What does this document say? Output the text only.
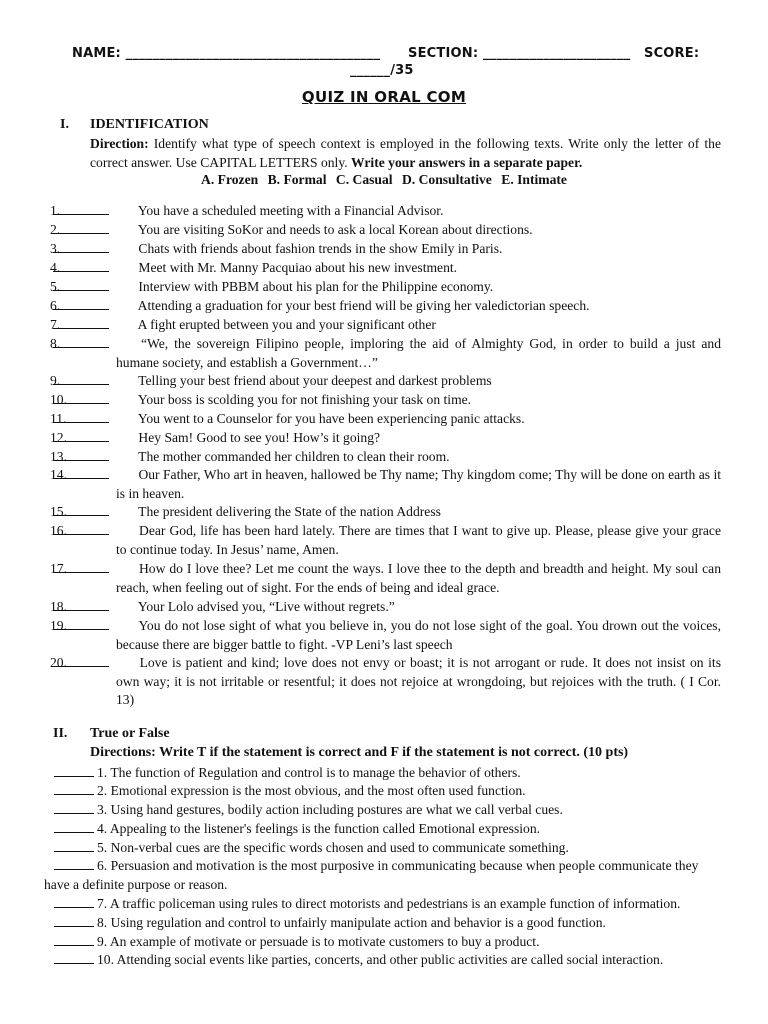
NAME: ______________________________________ SECTION: ______________________ SCORE:
______/35
QUIZ IN ORAL COM
I. IDENTIFICATION
Direction: Identify what type of speech context is employed in the following texts. Write only the letter of the correct answer. Use CAPITAL LETTERS only. Write your answers in a separate paper.
A. Frozen B. Formal C. Casual D. Consultative E. Intimate
1.	You have a scheduled meeting with a Financial Advisor.
2.	You are visiting SoKor and needs to ask a local Korean about directions.
3.	Chats with friends about fashion trends in the show Emily in Paris.
4.	Meet with Mr. Manny Pacquiao about his new investment.
5.	Interview with PBBM about his plan for the Philippine economy.
6.	Attending a graduation for your best friend will be giving her valedictorian speech.
7.	A fight erupted between you and your significant other
8.	“We, the sovereign Filipino people, imploring the aid of Almighty God, in order to build a just and humane society, and establish a Government…”
9.	Telling your best friend about your deepest and darkest problems
10.	Your boss is scolding you for not finishing your task on time.
11.	You went to a Counselor for you have been experiencing panic attacks.
12.	Hey Sam! Good to see you! How’s it going?
13.	The mother commanded her children to clean their room.
14.	Our Father, Who art in heaven, hallowed be Thy name; Thy kingdom come; Thy will be done on earth as it is in heaven.
15.	The president delivering the State of the nation Address
16.	Dear God, life has been hard lately. There are times that I want to give up. Please, please give your grace to continue today. In Jesus’ name, Amen.
17.	How do I love thee? Let me count the ways. I love thee to the depth and breadth and height. My soul can reach, when feeling out of sight. For the ends of being and ideal grace.
18.	Your Lolo advised you, “Live without regrets.”
19.	You do not lose sight of what you believe in, you do not lose sight of the goal. You drown out the voices, because there are bigger battle to fight. -VP Leni’s last speech
20.	Love is patient and kind; love does not envy or boast; it is not arrogant or rude. It does not insist on its own way; it is not irritable or resentful; it does not rejoice at wrongdoing, but rejoices with the truth. ( I Cor. 13)
II. True or False
Directions: Write T if the statement is correct and F if the statement is not correct. (10 pts)
1. The function of Regulation and control is to manage the behavior of others.
2. Emotional expression is the most obvious, and the most often used function.
3. Using hand gestures, bodily action including postures are what we call verbal cues.
4. Appealing to the listener's feelings is the function called Emotional expression.
5. Non-verbal cues are the specific words chosen and used to communicate something.
6. Persuasion and motivation is the most purposive in communicating because when people communicate they have a definite purpose or reason.
7. A traffic policeman using rules to direct motorists and pedestrians is an example function of information.
8. Using regulation and control to unfairly manipulate action and behavior is a good function.
9. An example of motivate or persuade is to motivate customers to buy a product.
10. Attending social events like parties, concerts, and other public activities are called social interaction.
